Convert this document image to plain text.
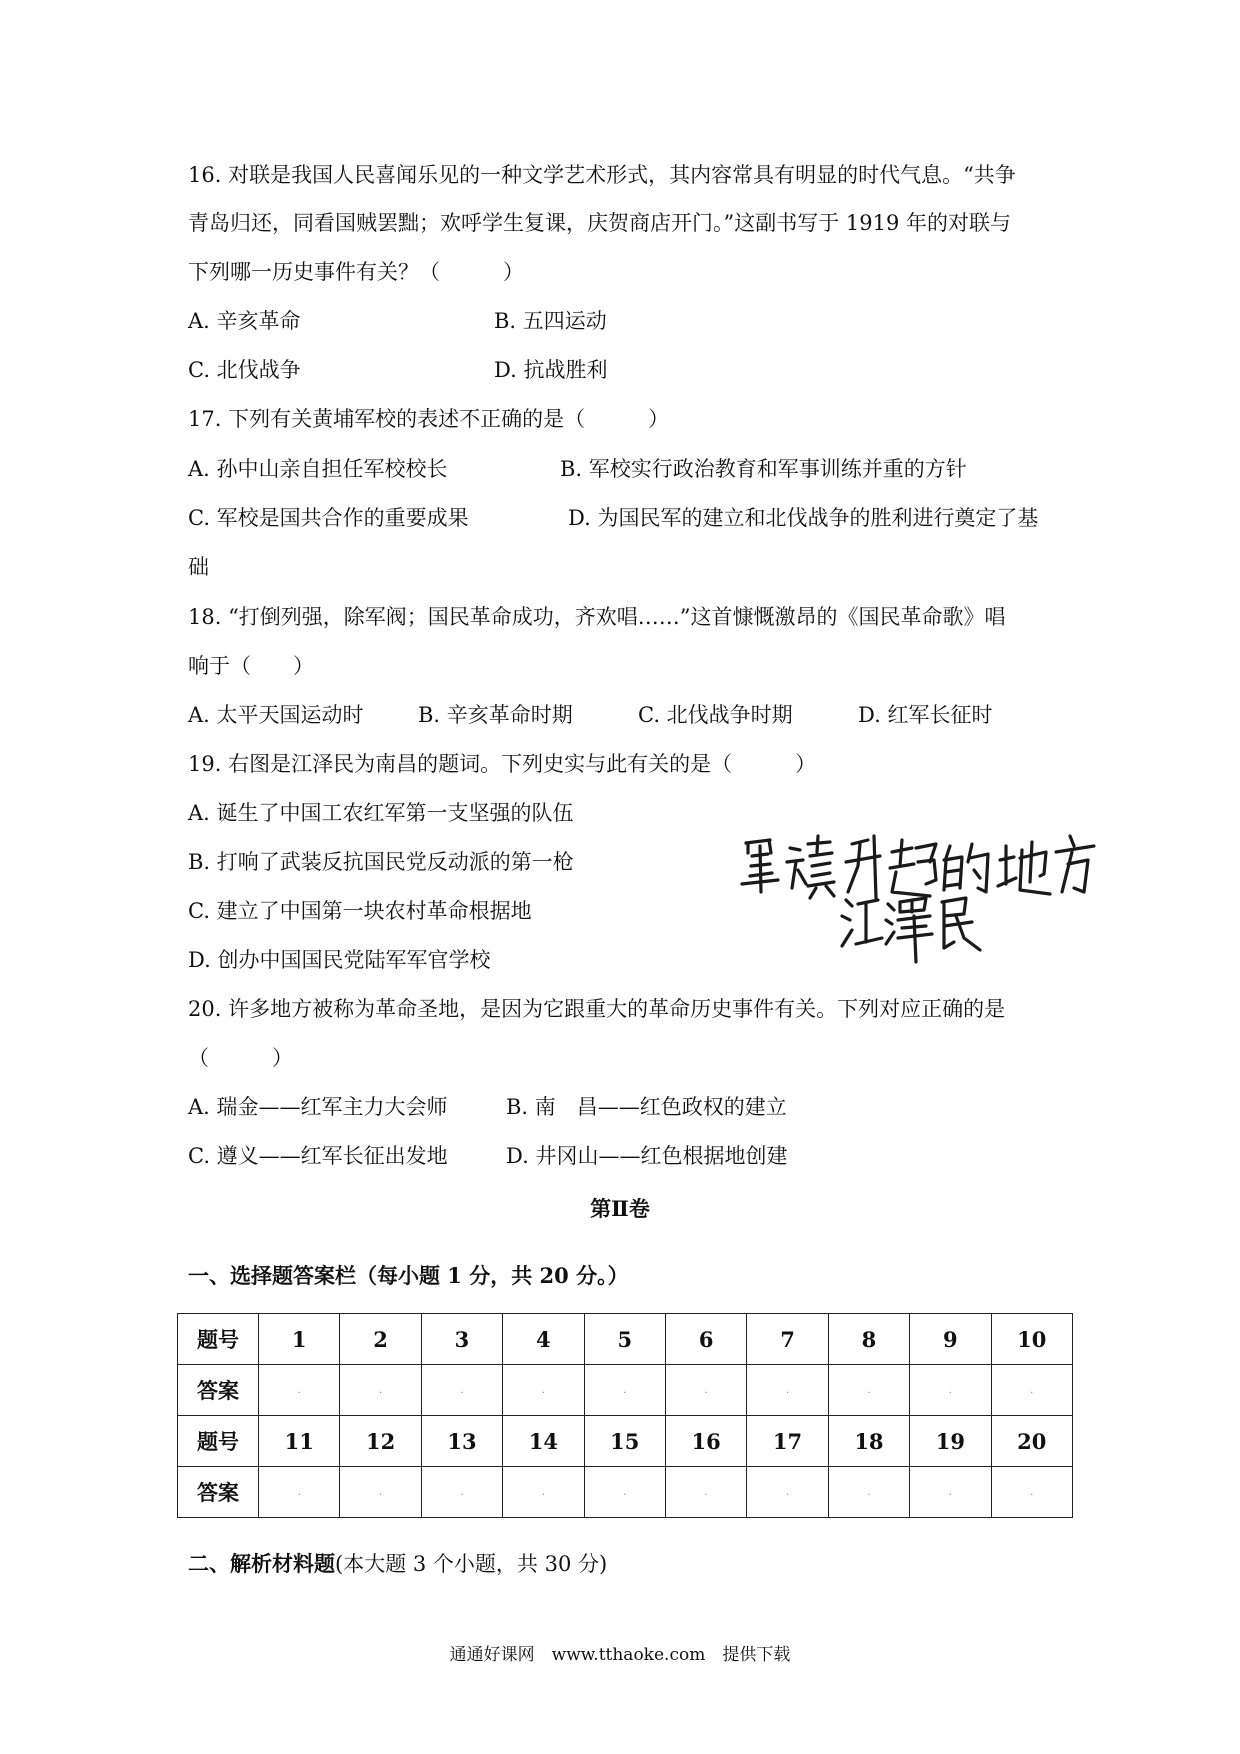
16. 对联是我国人民喜闻乐见的一种文学艺术形式，其内容常具有明显的时代气息。“共争
青岛归还，同看国贼罢黜；欢呼学生复课，庆贺商店开门。”这副书写于 1919 年的对联与
下列哪一历史事件有关？（　　　）
A. 辛亥革命	B. 五四运动
C. 北伐战争	D. 抗战胜利
17. 下列有关黄埔军校的表述不正确的是（　　　）
A. 孙中山亲自担任军校校长	B. 军校实行政治教育和军事训练并重的方针
C. 军校是国共合作的重要成果	D. 为国民军的建立和北伐战争的胜利进行奠定了基
础
18. “打倒列强，除军阀；国民革命成功，齐欢唱……”这首慷慨激昂的《国民革命歌》唱
响于（　　）
A. 太平天国运动时	B. 辛亥革命时期	C. 北伐战争时期	D. 红军长征时
19. 右图是江泽民为南昌的题词。下列史实与此有关的是（　　　）
A. 诞生了中国工农红军第一支坚强的队伍
B. 打响了武装反抗国民党反动派的第一枪
C. 建立了中国第一块农村革命根据地
D. 创办中国国民党陆军军官学校
20. 许多地方被称为革命圣地，是因为它跟重大的革命历史事件有关。下列对应正确的是
（　　　）
A. 瑞金——红军主力大会师	B. 南　昌——红色政权的建立
C. 遵义——红军长征出发地	D. 井冈山——红色根据地创建
第Ⅱ卷
一、选择题答案栏（每小题 1 分，共 20 分。）
题号	1	2	3	4	5	6	7	8	9	10
答案	.	.	.	.	.	.	.	.	.	.
题号	11	12	13	14	15	16	17	18	19	20
答案	.	.	.	.	.	.	.	.	.	.
二、解析材料题(本大题 3 个小题，共 30 分)
通通好课网　www.tthaoke.com　提供下载
